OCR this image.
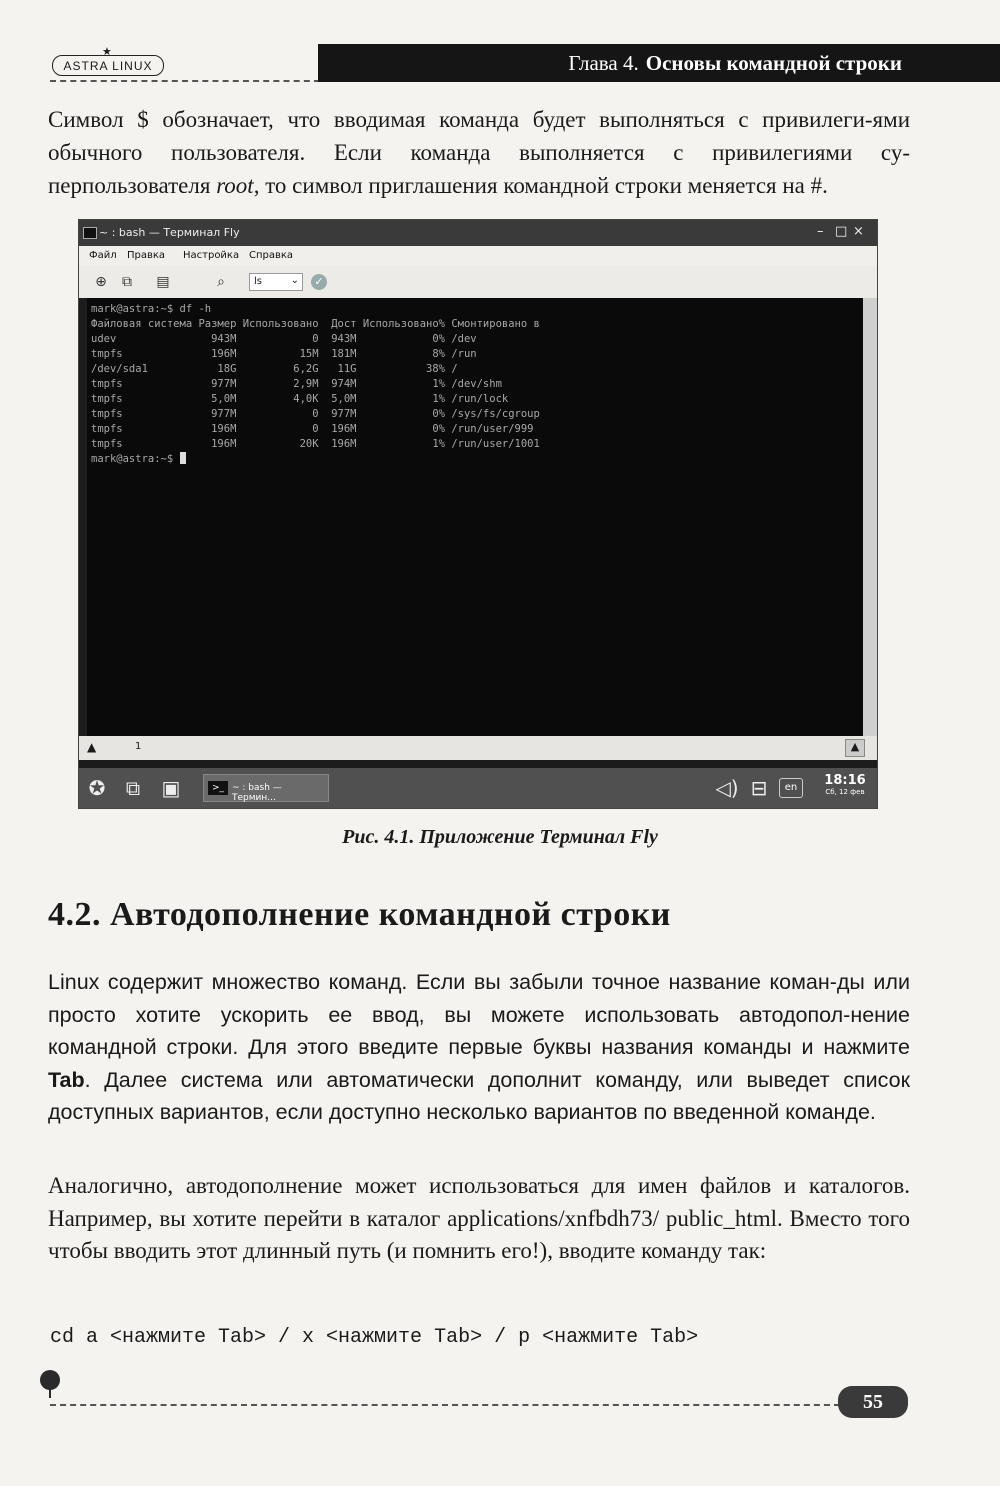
ASTRA LINUX
★	Глава 4. Основы командной строки

Символ $ обозначает, что вводимая команда будет выполняться с привилеги-ями обычного пользователя. Если команда выполняется с привилегиями су-перпользователя root, то символ приглашения командной строки меняется на #.

~ : bash — Терминал Fly	– □ ×
Файл Правка Настройка Справка
⊕ ⧉ ▤	⌕	ls	⌄	✓
mark@astra:~$ df -h
Файловая система Размер Использовано  Дост Использовано% Cмонтировано в
udev               943M            0  943M            0% /dev
tmpfs              196M          15M  181M            8% /run
/dev/sda1           18G         6,2G   11G           38% /
tmpfs              977M         2,9M  974M            1% /dev/shm
tmpfs              5,0M         4,0K  5,0M            1% /run/lock
tmpfs              977M            0  977M            0% /sys/fs/cgroup
tmpfs              196M            0  196M            0% /run/user/999
tmpfs              196M          20K  196M            1% /run/user/1001
mark@astra:~$
▲	1	▲
✪ ⧉ ▣	>_ ~ : bash — Термин...	◁) ⊟	en	18:16
Сб, 12 фев
Рис. 4.1. Приложение Терминал Fly
4.2. Автодополнение командной строки

Linux содержит множество команд. Если вы забыли точное название коман-ды или просто хотите ускорить ее ввод, вы можете использовать автодопол-нение командной строки. Для этого введите первые буквы названия команды и нажмите Tab. Далее система или автоматически дополнит команду, или выведет список доступных вариантов, если доступно несколько вариантов по введенной команде.

Аналогично, автодополнение может использоваться для имен файлов и каталогов. Например, вы хотите перейти в каталог applications/xnfbdh73/ public_html. Вместо того чтобы вводить этот длинный путь (и помнить его!), вводите команду так:

cd a <нажмите Tab> / x <нажмите Tab> / p <нажмите Tab>
55
